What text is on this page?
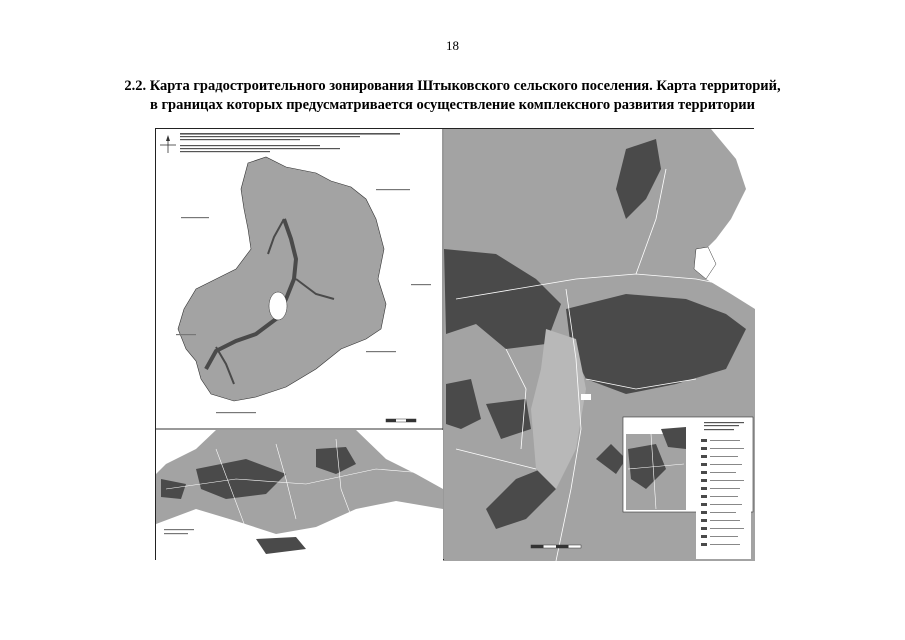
18
2.2. Карта градостроительного зонирования Штыковского сельского поселения. Карта территорий,
в границах которых предусматривается осуществление комплексного развития территории
